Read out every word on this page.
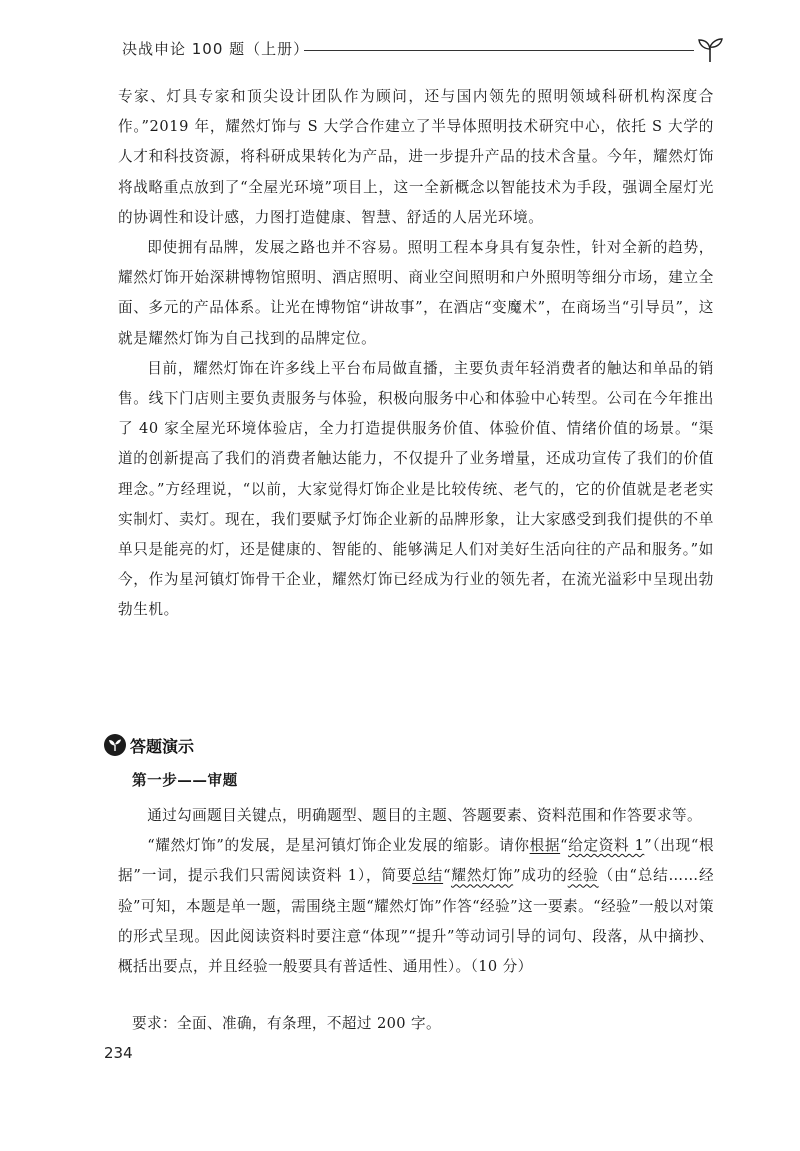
决战申论 100 题（上册）

专家、灯具专家和顶尖设计团队作为顾问，还与国内领先的照明领域科研机构深度合作。”2019 年，耀然灯饰与 S 大学合作建立了半导体照明技术研究中心，依托 S 大学的人才和科技资源，将科研成果转化为产品，进一步提升产品的技术含量。今年，耀然灯饰将战略重点放到了“全屋光环境”项目上，这一全新概念以智能技术为手段，强调全屋灯光的协调性和设计感，力图打造健康、智慧、舒适的人居光环境。

即使拥有品牌，发展之路也并不容易。照明工程本身具有复杂性，针对全新的趋势，耀然灯饰开始深耕博物馆照明、酒店照明、商业空间照明和户外照明等细分市场，建立全面、多元的产品体系。让光在博物馆“讲故事”，在酒店“变魔术”，在商场当“引导员”，这就是耀然灯饰为自己找到的品牌定位。

目前，耀然灯饰在许多线上平台布局做直播，主要负责年轻消费者的触达和单品的销售。线下门店则主要负责服务与体验，积极向服务中心和体验中心转型。公司在今年推出了 40 家全屋光环境体验店，全力打造提供服务价值、体验价值、情绪价值的场景。“渠道的创新提高了我们的消费者触达能力，不仅提升了业务增量，还成功宣传了我们的价值理念。”方经理说，“以前，大家觉得灯饰企业是比较传统、老气的，它的价值就是老老实实制灯、卖灯。现在，我们要赋予灯饰企业新的品牌形象，让大家感受到我们提供的不单单只是能亮的灯，还是健康的、智能的、能够满足人们对美好生活向往的产品和服务。”如今，作为星河镇灯饰骨干企业，耀然灯饰已经成为行业的领先者，在流光溢彩中呈现出勃勃生机。

答题演示
第一步——审题

通过勾画题目关键点，明确题型、题目的主题、答题要素、资料范围和作答要求等。

“耀然灯饰”的发展，是星河镇灯饰企业发展的缩影。请你根据“给定资料 1”（出现“根据”一词，提示我们只需阅读资料 1），简要总结“耀然灯饰”成功的经验（由“总结……经验”可知，本题是单一题，需围绕主题“耀然灯饰”作答“经验”这一要素。“经验”一般以对策的形式呈现。因此阅读资料时要注意“体现”“提升”等动词引导的词句、段落，从中摘抄、概括出要点，并且经验一般要具有普适性、通用性）。（10 分）

要求：全面、准确，有条理，不超过 200 字。
234
